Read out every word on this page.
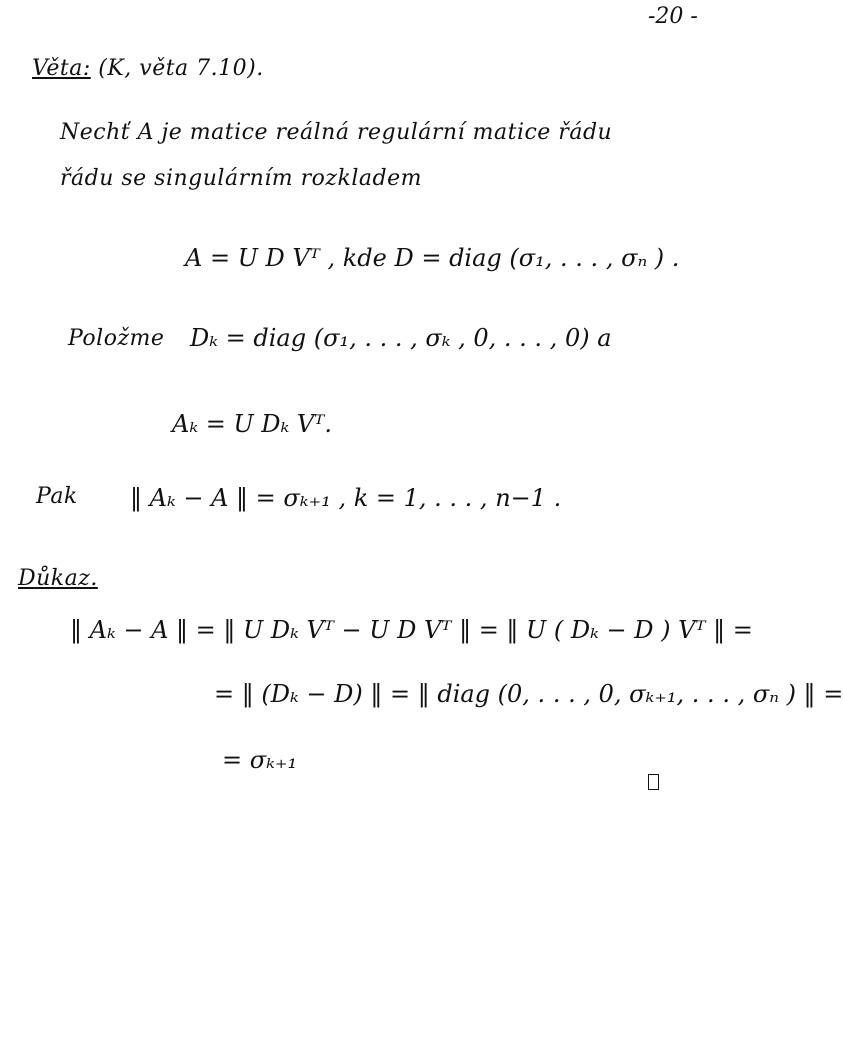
-20 -
Věta: (K, věta 7.10).
Nechť A je matice reálná regulární matice řádu
řádu se singulárním rozkladem
A = U D Vᵀ , kde D = diag (σ₁, . . . , σₙ ) .
Položme Dₖ = diag (σ₁, . . . , σₖ , 0, . . . , 0) a
Aₖ = U Dₖ Vᵀ.
Pak ‖ Aₖ − A ‖ = σₖ₊₁ , k = 1, . . . , n−1 .
Důkaz.
‖ Aₖ − A ‖ = ‖ U Dₖ Vᵀ − U D Vᵀ ‖ = ‖ U ( Dₖ − D ) Vᵀ ‖ =
= ‖ (Dₖ − D) ‖ = ‖ diag (0, . . . , 0, σₖ₊₁, . . . , σₙ ) ‖ =
= σₖ₊₁
